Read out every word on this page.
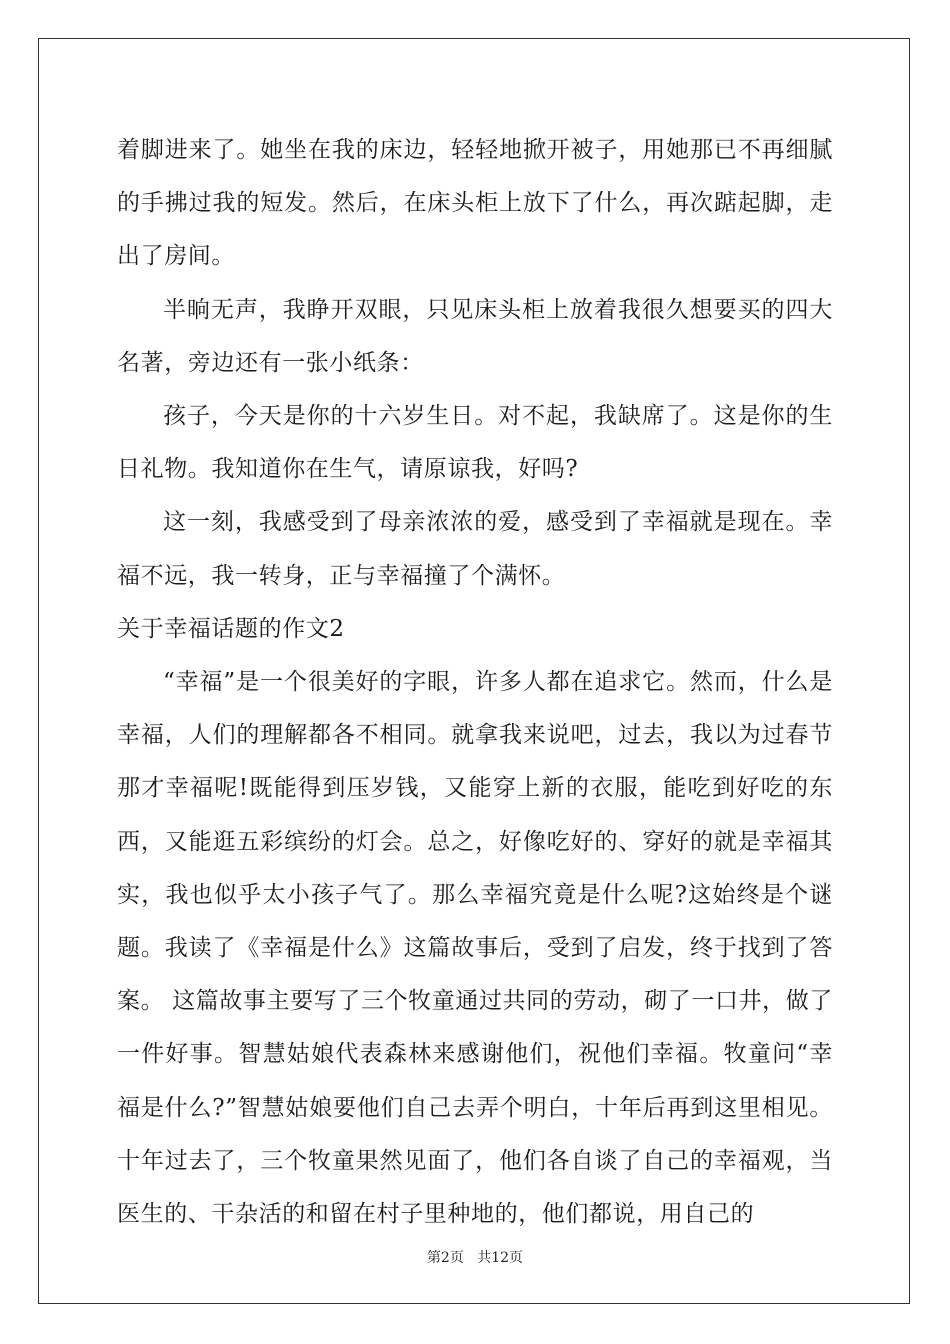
着脚进来了。她坐在我的床边，轻轻地掀开被子，用她那已不再细腻的手拂过我的短发。然后，在床头柜上放下了什么，再次踮起脚，走出了房间。

半晌无声，我睁开双眼，只见床头柜上放着我很久想要买的四大名著，旁边还有一张小纸条：

孩子，今天是你的十六岁生日。对不起，我缺席了。这是你的生日礼物。我知道你在生气，请原谅我，好吗?

这一刻，我感受到了母亲浓浓的爱，感受到了幸福就是现在。幸福不远，我一转身，正与幸福撞了个满怀。

关于幸福话题的作文2

“幸福”是一个很美好的字眼，许多人都在追求它。然而，什么是幸福，人们的理解都各不相同。就拿我来说吧，过去，我以为过春节那才幸福呢!既能得到压岁钱，又能穿上新的衣服，能吃到好吃的东西，又能逛五彩缤纷的灯会。总之，好像吃好的、穿好的就是幸福其实，我也似乎太小孩子气了。那么幸福究竟是什么呢?这始终是个谜题。我读了《幸福是什么》这篇故事后，受到了启发，终于找到了答案。 这篇故事主要写了三个牧童通过共同的劳动，砌了一口井，做了一件好事。智慧姑娘代表森林来感谢他们，祝他们幸福。牧童问“幸福是什么?”智慧姑娘要他们自己去弄个明白，十年后再到这里相见。十年过去了，三个牧童果然见面了，他们各自谈了自己的幸福观，当医生的、干杂活的和留在村子里种地的，他们都说，用自己的

第2页 共12页
